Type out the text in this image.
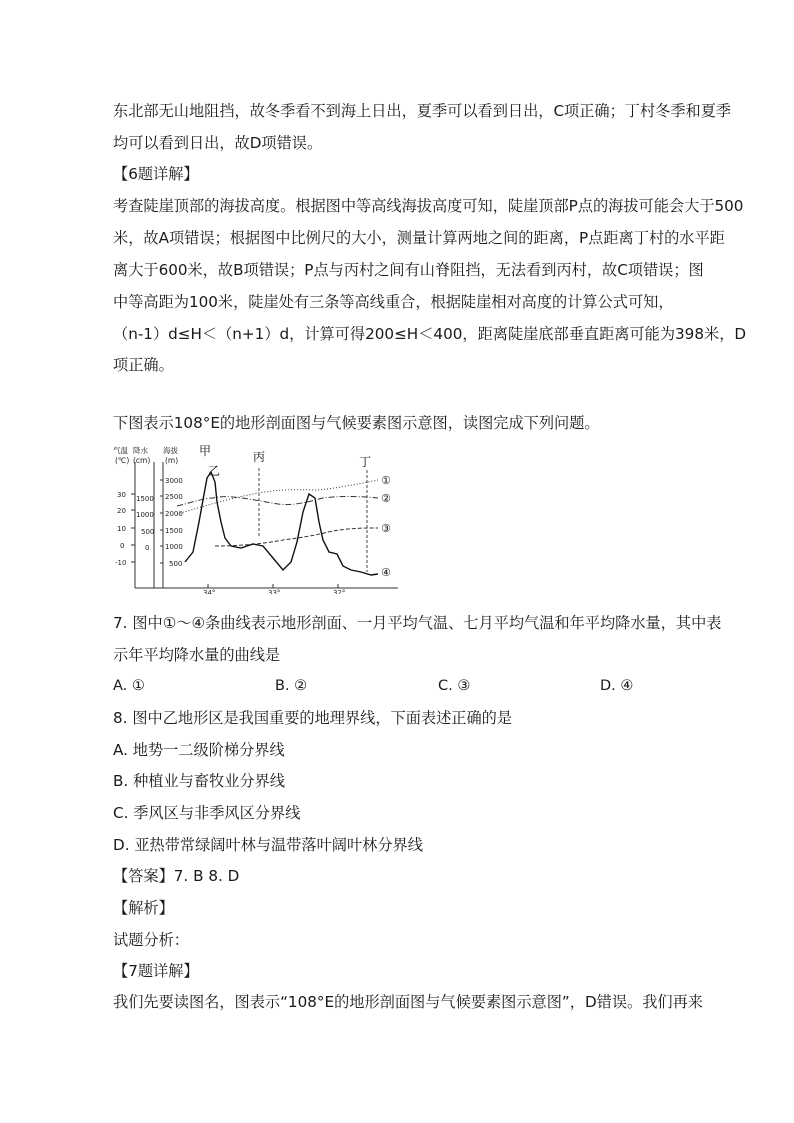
东北部无山地阻挡，故冬季看不到海上日出，夏季可以看到日出，C项正确；丁村冬季和夏季
均可以看到日出，故D项错误。
【6题详解】
考查陡崖顶部的海拔高度。根据图中等高线海拔高度可知，陡崖顶部P点的海拔可能会大于500
米，故A项错误；根据图中比例尺的大小，测量计算两地之间的距离，P点距离丁村的水平距
离大于600米，故B项错误；P点与丙村之间有山脊阻挡，无法看到丙村，故C项错误；图
中等高距为100米，陡崖处有三条等高线重合，根据陡崖相对高度的计算公式可知，
（n-1）d≤H＜（n+1）d，计算可得200≤H＜400，距离陡崖底部垂直距离可能为398米，D
项正确。
下图表示108°E的地形剖面图与气候要素图示意图，读图完成下列问题。
气温
(℃)
降水
(cm)
海拔
(m)
甲
乙
丙	丁
30
20
10
0
-10
1500
1000
500
0
3000
2500
2000
1500
1000
500
34°	33°	32°
①
②
③
④
7. 图中①～④条曲线表示地形剖面、一月平均气温、七月平均气温和年平均降水量，其中表
示年平均降水量的曲线是
A. ①	B. ②	C. ③	D. ④
8. 图中乙地形区是我国重要的地理界线，下面表述正确的是
A. 地势一二级阶梯分界线
B. 种植业与畜牧业分界线
C. 季风区与非季风区分界线
D. 亚热带常绿阔叶林与温带落叶阔叶林分界线
【答案】7. B 8. D
【解析】
试题分析：
【7题详解】
我们先要读图名，图表示“108°E的地形剖面图与气候要素图示意图”，D错误。我们再来
